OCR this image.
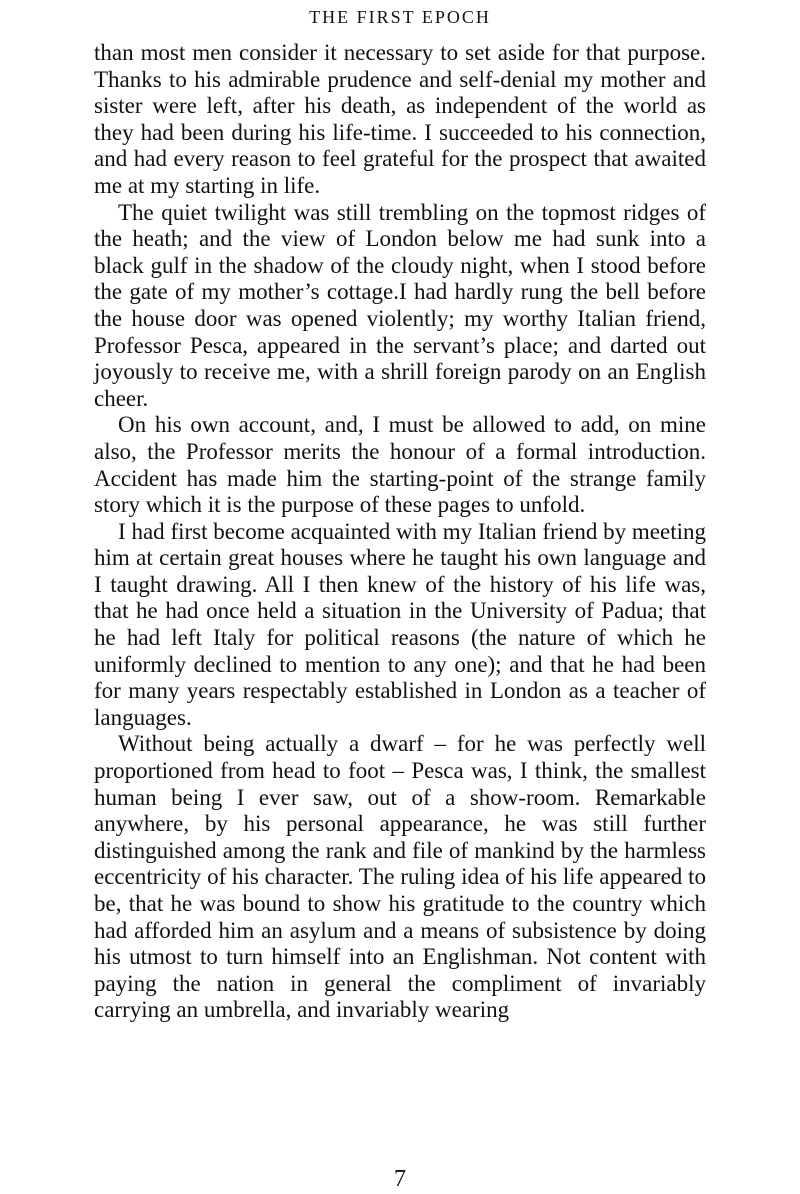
THE FIRST EPOCH

than most men consider it necessary to set aside for that purpose. Thanks to his admirable prudence and self-denial my mother and sister were left, after his death, as independent of the world as they had been during his life-time. I succeeded to his connection, and had every reason to feel grateful for the prospect that awaited me at my starting in life.

The quiet twilight was still trembling on the topmost ridges of the heath; and the view of London below me had sunk into a black gulf in the shadow of the cloudy night, when I stood before the gate of my mother’s cottage.I had hardly rung the bell before the house door was opened violently; my worthy Italian friend, Professor Pesca, appeared in the servant’s place; and darted out joyously to receive me, with a shrill foreign parody on an English cheer.

On his own account, and, I must be allowed to add, on mine also, the Professor merits the honour of a formal introduction. Accident has made him the starting-point of the strange family story which it is the purpose of these pages to unfold.

I had first become acquainted with my Italian friend by meeting him at certain great houses where he taught his own language and I taught drawing. All I then knew of the history of his life was, that he had once held a situation in the University of Padua; that he had left Italy for political reasons (the nature of which he uniformly declined to mention to any one); and that he had been for many years respectably established in London as a teacher of languages.

Without being actually a dwarf – for he was perfectly well proportioned from head to foot – Pesca was, I think, the smallest human being I ever saw, out of a show-room. Remarkable anywhere, by his personal appearance, he was still further distinguished among the rank and file of mankind by the harmless eccentricity of his character. The ruling idea of his life appeared to be, that he was bound to show his gratitude to the country which had afforded him an asylum and a means of subsistence by doing his utmost to turn himself into an Englishman. Not content with paying the nation in general the compliment of invariably carrying an umbrella, and invariably wearing

7
